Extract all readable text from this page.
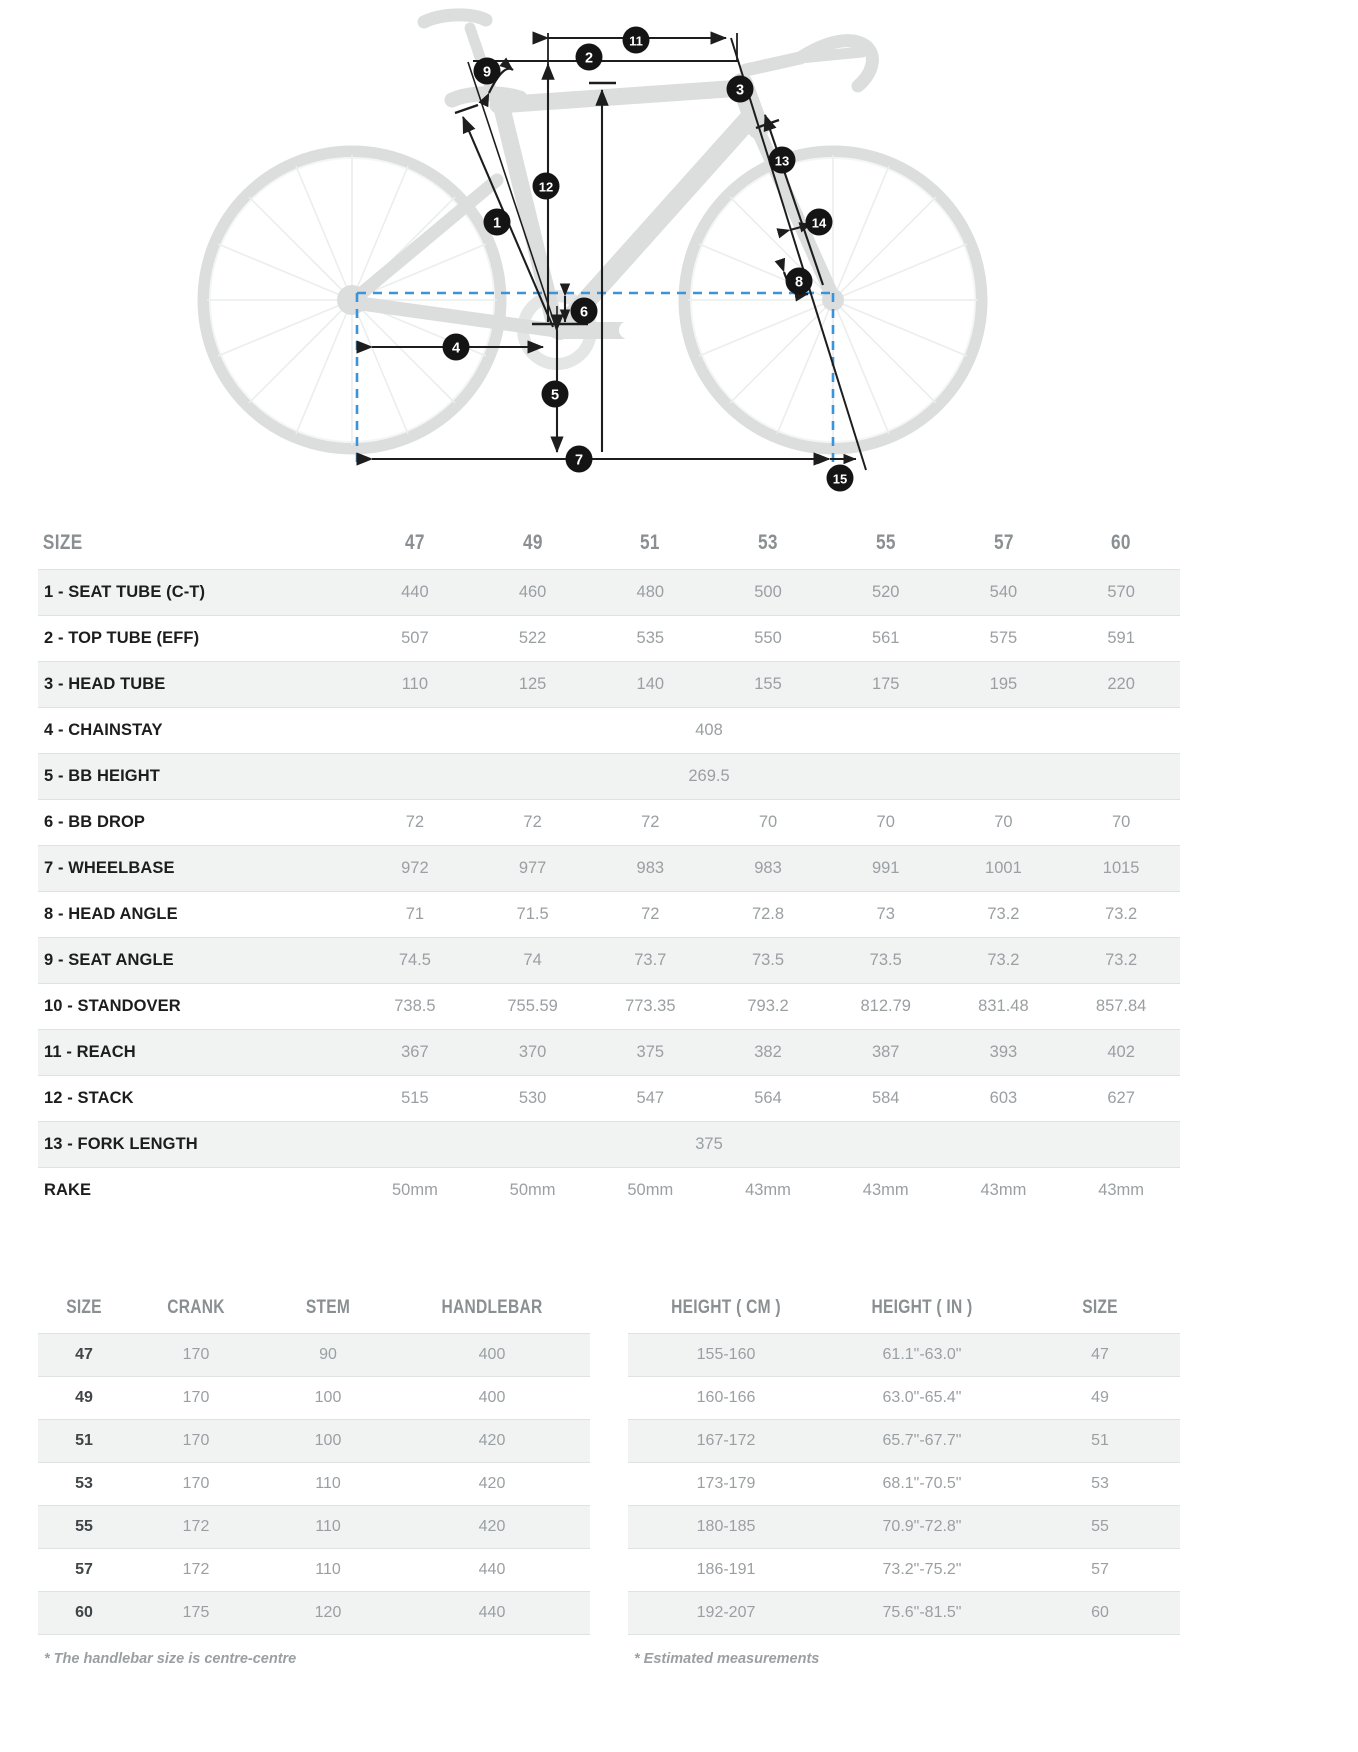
1
2
3
4
5
6
7
8
9
11
12
13
14
15
SIZE	47	49	51	53	55	57	60
1 - SEAT TUBE (C-T)	440	460	480	500	520	540	570
2 - TOP TUBE (EFF)	507	522	535	550	561	575	591
3 - HEAD TUBE	110	125	140	155	175	195	220
4 - CHAINSTAY	408						
5 - BB HEIGHT	269.5						
6 - BB DROP	72	72	72	70	70	70	70
7 - WHEELBASE	972	977	983	983	991	1001	1015
8 - HEAD ANGLE	71	71.5	72	72.8	73	73.2	73.2
9 - SEAT ANGLE	74.5	74	73.7	73.5	73.5	73.2	73.2
10 - STANDOVER	738.5	755.59	773.35	793.2	812.79	831.48	857.84
11 - REACH	367	370	375	382	387	393	402
12 - STACK	515	530	547	564	584	603	627
13 - FORK LENGTH	375						
RAKE	50mm	50mm	50mm	43mm	43mm	43mm	43mm
SIZE	CRANK	STEM	HANDLEBAR
47	170	90	400
49	170	100	400
51	170	100	420
53	170	110	420
55	172	110	420
57	172	110	440
60	175	120	440
* The handlebar size is centre-centre
HEIGHT ( CM )	HEIGHT ( IN )	SIZE
155-160	61.1"-63.0"	47
160-166	63.0"-65.4"	49
167-172	65.7"-67.7"	51
173-179	68.1"-70.5"	53
180-185	70.9"-72.8"	55
186-191	73.2"-75.2"	57
192-207	75.6"-81.5"	60
* Estimated measurements
